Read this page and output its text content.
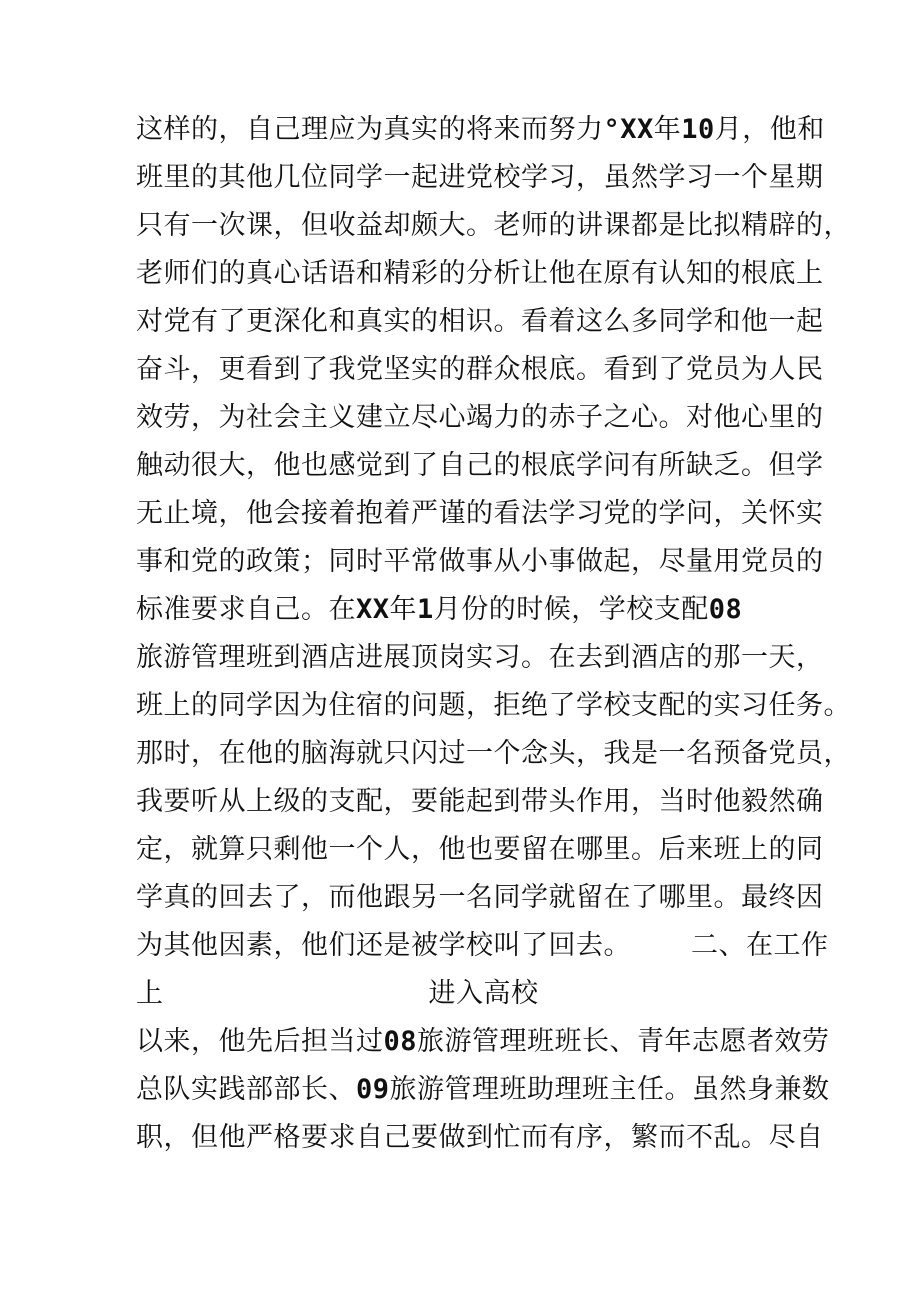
这样的，自己理应为真实的将来而努力°XX年10月，他和
班里的其他几位同学一起进党校学习，虽然学习一个星期
只有一次课，但收益却颇大。老师的讲课都是比拟精辟的，
老师们的真心话语和精彩的分析让他在原有认知的根底上
对党有了更深化和真实的相识。看着这么多同学和他一起
奋斗，更看到了我党坚实的群众根底。看到了党员为人民
效劳，为社会主义建立尽心竭力的赤子之心。对他心里的
触动很大，他也感觉到了自己的根底学问有所缺乏。但学
无止境，他会接着抱着严谨的看法学习党的学问，关怀实
事和党的政策；同时平常做事从小事做起，尽量用党员的
标准要求自己。在XX年1月份的时候，学校支配08
旅游管理班到酒店进展顶岗实习。在去到酒店的那一天，
班上的同学因为住宿的问题，拒绝了学校支配的实习任务。
那时，在他的脑海就只闪过一个念头，我是一名预备党员，
我要听从上级的支配，要能起到带头作用，当时他毅然确
定，就算只剩他一个人，他也要留在哪里。后来班上的同
学真的回去了，而他跟另一名同学就留在了哪里。最终因
为其他因素，他们还是被学校叫了回去。 二、在工作
上	进入高校
以来，他先后担当过08旅游管理班班长、青年志愿者效劳
总队实践部部长、09旅游管理班助理班主任。虽然身兼数
职，但他严格要求自己要做到忙而有序，繁而不乱。尽自
